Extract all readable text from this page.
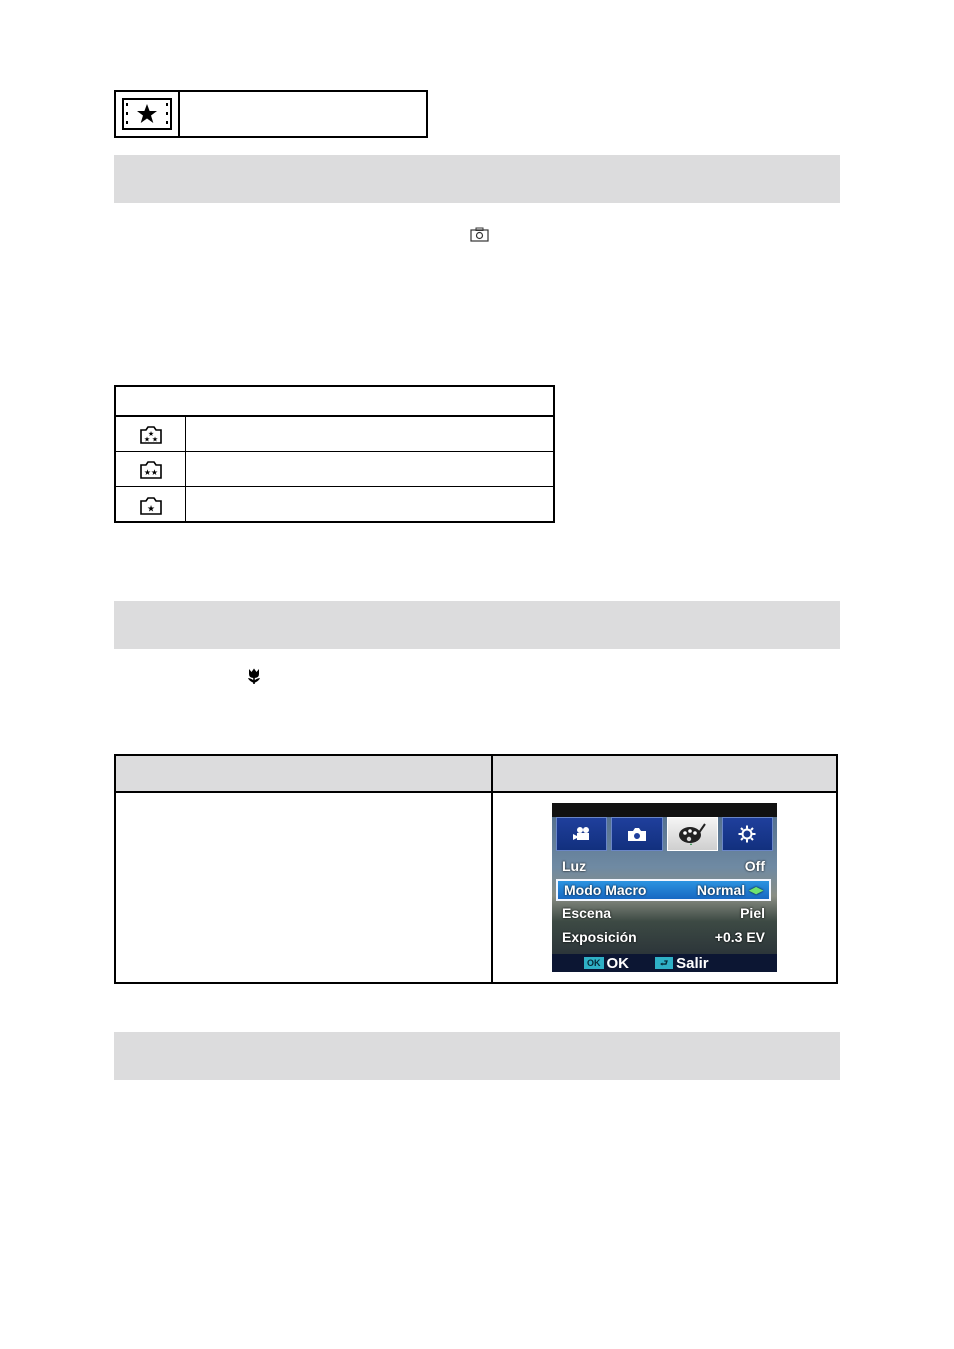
★
★ ★
★ ★
★
Luz	Off
Modo Macro	Normal ◀▶
Escena	Piel
Exposición	+0.3 EV
OK OK	⮐ Salir
